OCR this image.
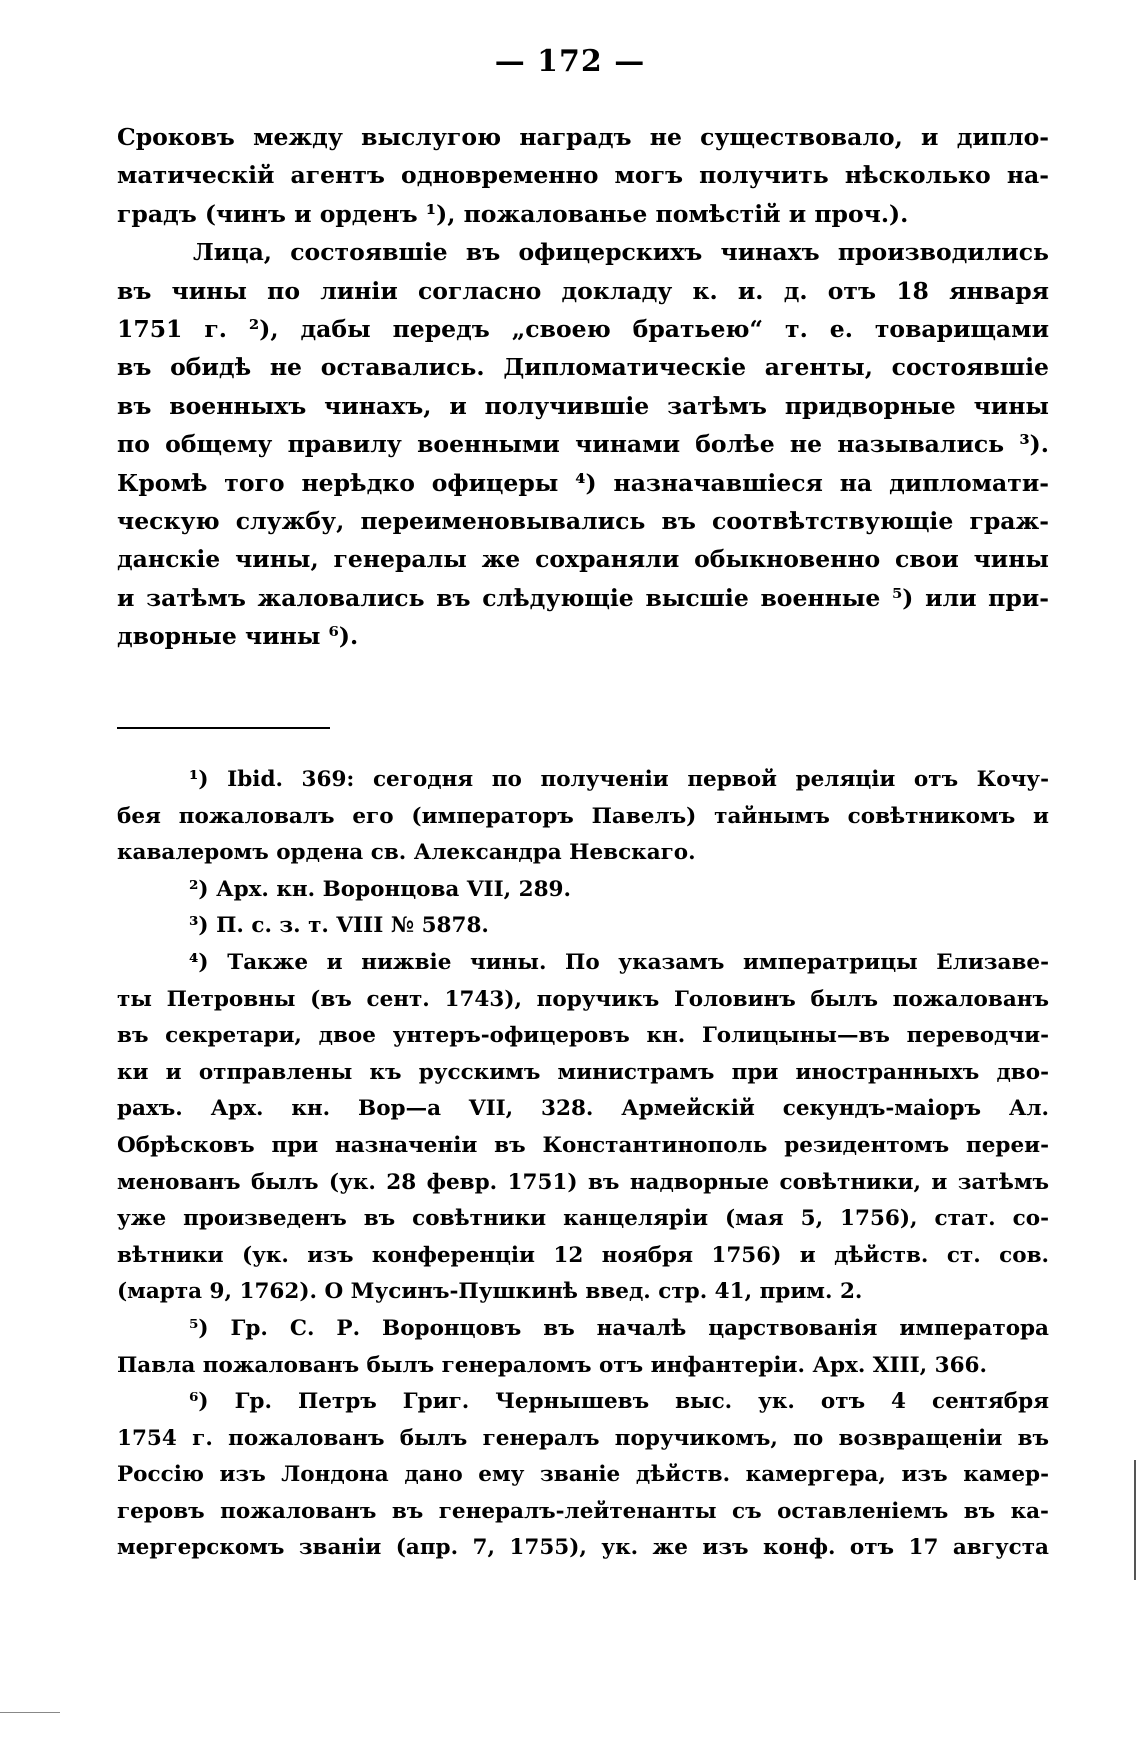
— 172 —
Сроковъ между выслугою наградъ не существовало, и дипло-
матическій агентъ одновременно могъ получить нѣсколько на-
градъ (чинъ и орденъ ¹), пожалованье помѣстій и проч.).
Лица, состоявшіе въ офицерскихъ чинахъ производились
въ чины по линіи согласно докладу к. и. д. отъ 18 января
1751 г. ²), дабы передъ „своею братьею“ т. е. товарищами
въ обидѣ не оставались. Дипломатическіе агенты, состоявшіе
въ военныхъ чинахъ, и получившіе затѣмъ придворные чины
по общему правилу военными чинами болѣе не назывались ³).
Кромѣ того нерѣдко офицеры ⁴) назначавшіеся на дипломати-
ческую службу, переименовывались въ соотвѣтствующіе граж-
данскіе чины, генералы же сохраняли обыкновенно свои чины
и затѣмъ жаловались въ слѣдующіе высшіе военные ⁵) или при-
дворные чины ⁶).
¹) Ibid. 369: сегодня по полученіи первой реляціи отъ Кочу-
бея пожаловалъ его (императоръ Павелъ) тайнымъ совѣтникомъ и
кавалеромъ ордена св. Александра Невскаго.
²) Арх. кн. Воронцова VII, 289.
³) П. с. з. т. VIII № 5878.
⁴) Также и нижвіе чины. По указамъ императрицы Елизаве-
ты Петровны (въ сент. 1743), поручикъ Головинъ былъ пожалованъ
въ секретари, двое унтеръ-офицеровъ кн. Голицыны—въ переводчи-
ки и отправлены къ русскимъ министрамъ при иностранныхъ дво-
рахъ. Арх. кн. Вор—а VII, 328. Армейскій секундъ-маіоръ Ал.
Обрѣсковъ при назначеніи въ Константинополь резидентомъ переи-
менованъ былъ (ук. 28 февр. 1751) въ надворные совѣтники, и затѣмъ
уже произведенъ въ совѣтники канцеляріи (мая 5, 1756), стат. со-
вѣтники (ук. изъ конференціи 12 ноября 1756) и дѣйств. ст. сов.
(марта 9, 1762). О Мусинъ-Пушкинѣ введ. стр. 41, прим. 2.
⁵) Гр. С. Р. Воронцовъ въ началѣ царствованія императора
Павла пожалованъ былъ генераломъ отъ инфантеріи. Арх. XIII, 366.
⁶) Гр. Петръ Григ. Чернышевъ выс. ук. отъ 4 сентября
1754 г. пожалованъ былъ генералъ поручикомъ, по возвращеніи въ
Россію изъ Лондона дано ему званіе дѣйств. камергера, изъ камер-
геровъ пожалованъ въ генералъ-лейтенанты съ оставленіемъ въ ка-
мергерскомъ званіи (апр. 7, 1755), ук. же изъ конф. отъ 17 августа
